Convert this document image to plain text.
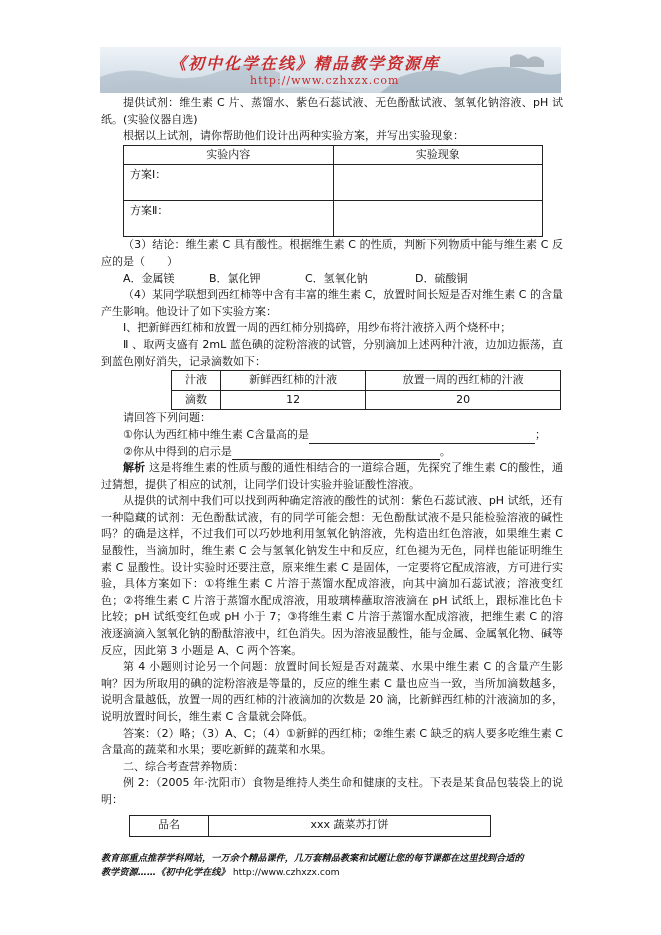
《初中化学在线》精品教学资源库
http://www.czhxzx.com

提供试剂：维生素 C 片、蒸馏水、紫色石蕊试液、无色酚酞试液、氢氧化钠溶液、pH 试纸。(实验仪器自选)

根据以上试剂，请你帮助他们设计出两种实验方案，并写出实验现象：

实验内容	实验现象
方案Ⅰ：	
方案Ⅱ：	

（3）结论：维生素 C 具有酸性。根据维生素 C 的性质，判断下列物质中能与维生素 C 反应的是（　　）

A．金属镁	B．氯化钾	C．氢氧化钠	D．硫酸铜

（4）某同学联想到西红柿等中含有丰富的维生素 C，放置时间长短是否对维生素 C 的含量产生影响。他设计了如下实验方案：

Ⅰ、把新鲜西红柿和放置一周的西红柿分别捣碎，用纱布将汁液挤入两个烧杯中；

Ⅱ 、取两支盛有 2mL 蓝色碘的淀粉溶液的试管，分别滴加上述两种汁液，边加边振荡，直到蓝色刚好消失，记录滴数如下：

汁液	新鲜西红柿的汁液	放置一周的西红柿的汁液
滴数	12	20

请回答下列问题：

①你认为西红柿中维生素 C含量高的是	；

②你从中得到的启示是	。

解析 这是将维生素的性质与酸的通性相结合的一道综合题，先探究了维生素 C的酸性，通过猜想，提供了相应的试剂，让同学们设计实验并验证酸性溶液。

从提供的试剂中我们可以找到两种确定溶液的酸性的试剂：紫色石蕊试液、pH 试纸，还有一种隐藏的试剂：无色酚酞试液，有的同学可能会想：无色酚酞试液不是只能检验溶液的碱性吗？的确是这样，不过我们可以巧妙地利用氢氧化钠溶液，先构造出红色溶液，如果维生素 C 显酸性，当滴加时，维生素 C 会与氢氧化钠发生中和反应，红色褪为无色，同样也能证明维生素 C 显酸性。设计实验时还要注意，原来维生素 C 是固体，一定要将它配成溶液，方可进行实验，具体方案如下：①将维生素 C 片溶于蒸馏水配成溶液，向其中滴加石蕊试液；溶液变红色；②将维生素 C 片溶于蒸馏水配成溶液，用玻璃棒蘸取溶液滴在 pH 试纸上，跟标准比色卡比较；pH 试纸变红色或 pH 小于 7；③将维生素 C 片溶于蒸馏水配成溶液，把维生素 C 的溶液逐滴滴入氢氧化钠的酚酞溶液中，红色消失。因为溶液显酸性，能与金属、金属氧化物、碱等反应，因此第 3 小题是 A、C 两个答案。

第 4 小题则讨论另一个问题：放置时间长短是否对蔬菜、水果中维生素 C 的含量产生影响？因为所取用的碘的淀粉溶液是等量的，反应的维生素 C 量也应当一致，当所加滴数越多，说明含量越低，放置一周的西红柿的汁液滴加的次数是 20 滴，比新鲜西红柿的汁液滴加的多，说明放置时间长，维生素 C 含量就会降低。

答案：（2）略；（3）A、C；（4）①新鲜的西红柿；②维生素 C 缺乏的病人要多吃维生素 C 含量高的蔬菜和水果；要吃新鲜的蔬菜和水果。

二、综合考查营养物质：

例 2：（2005 年·沈阳市）食物是维持人类生命和健康的支柱。下表是某食品包装袋上的说明：

品名	xxx 蔬菜苏打饼
教育部重点推荐学科网站，一万余个精品课件，几万套精品教案和试题让您的每节课都在这里找到合适的
教学资源……《初中化学在线》 http://www.czhxzx.com
